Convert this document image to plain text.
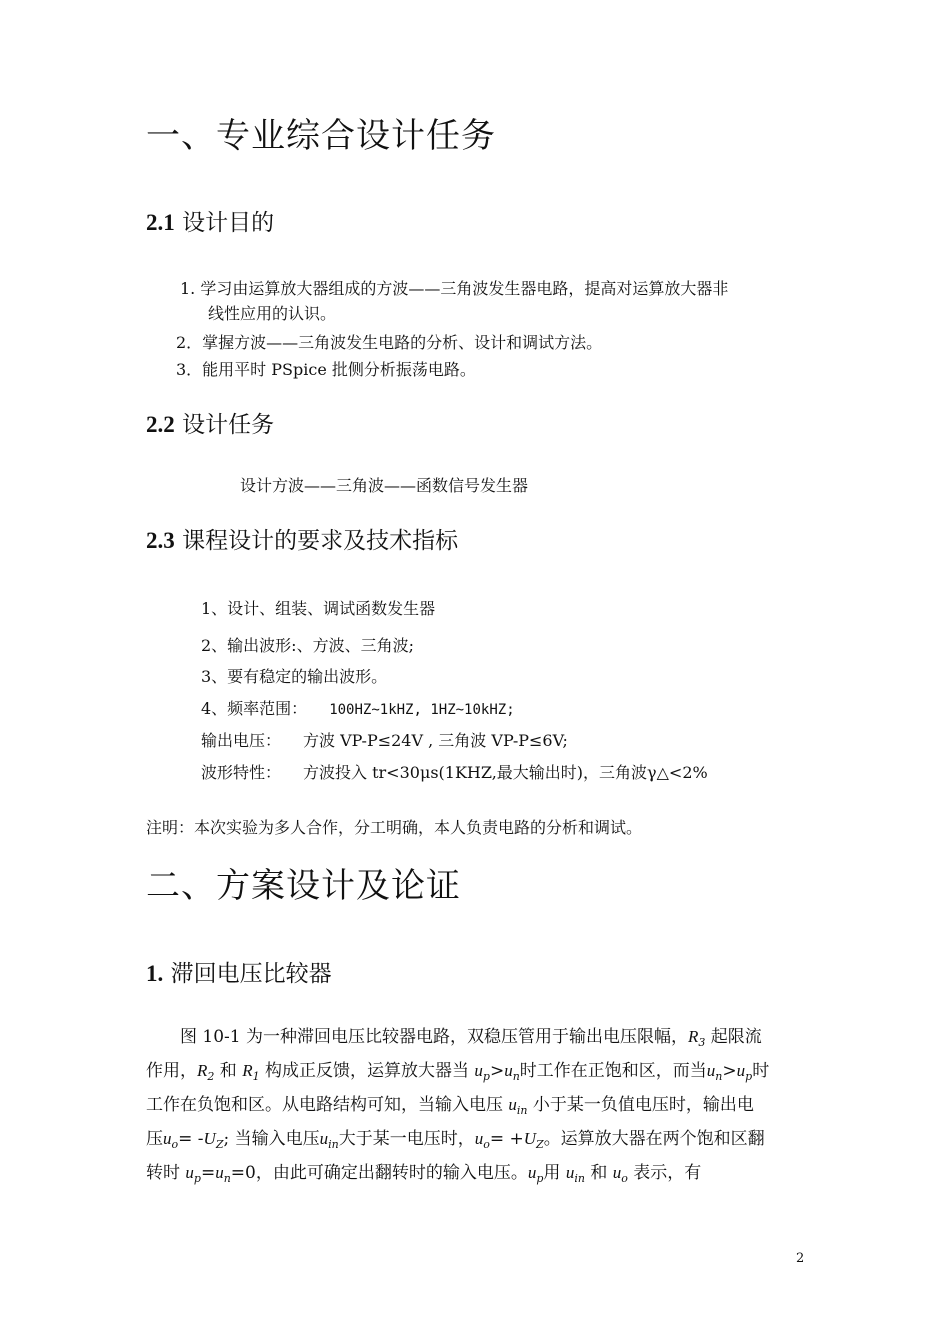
一、专业综合设计任务
2.1 设计目的
1. 学习由运算放大器组成的方波——三角波发生器电路，提高对运算放大器非
线性应用的认识。
2．掌握方波——三角波发生电路的分析、设计和调试方法。
3．能用平时 PSpice 批侧分析振荡电路。
2.2 设计任务
设计方波——三角波——函数信号发生器
2.3 课程设计的要求及技术指标
1、设计、组装、调试函数发生器
2、输出波形:、方波、三角波;
3、要有稳定的输出波形。
4、频率范围： 100HZ~1kHZ, 1HZ~10kHZ;
输出电压： 方波 VP-P≤24V , 三角波 VP-P≤6V;
波形特性： 方波投入 tr<30μs(1KHZ,最大输出时)，三角波γ△<2%
注明：本次实验为多人合作，分工明确，本人负责电路的分析和调试。
二、方案设计及论证
1. 滞回电压比较器
图 10-1 为一种滞回电压比较器电路，双稳压管用于输出电压限幅，$R_3$ 起限流
作用，$R_2$ 和 $R_1$ 构成正反馈，运算放大器当 $u_p>u_n$时工作在正饱和区，而当$u_n>u_p$时
工作在负饱和区。从电路结构可知，当输入电压 $u_{in}$ 小于某一负值电压时，输出电
压$u_o= -U_Z$; 当输入电压$u_{in}$大于某一电压时，$u_o= +U_Z$。运算放大器在两个饱和区翻
转时 $u_p=u_n=0$，由此可确定出翻转时的输入电压。$u_p$用 $u_{in}$ 和 $u_o$ 表示，有
2
